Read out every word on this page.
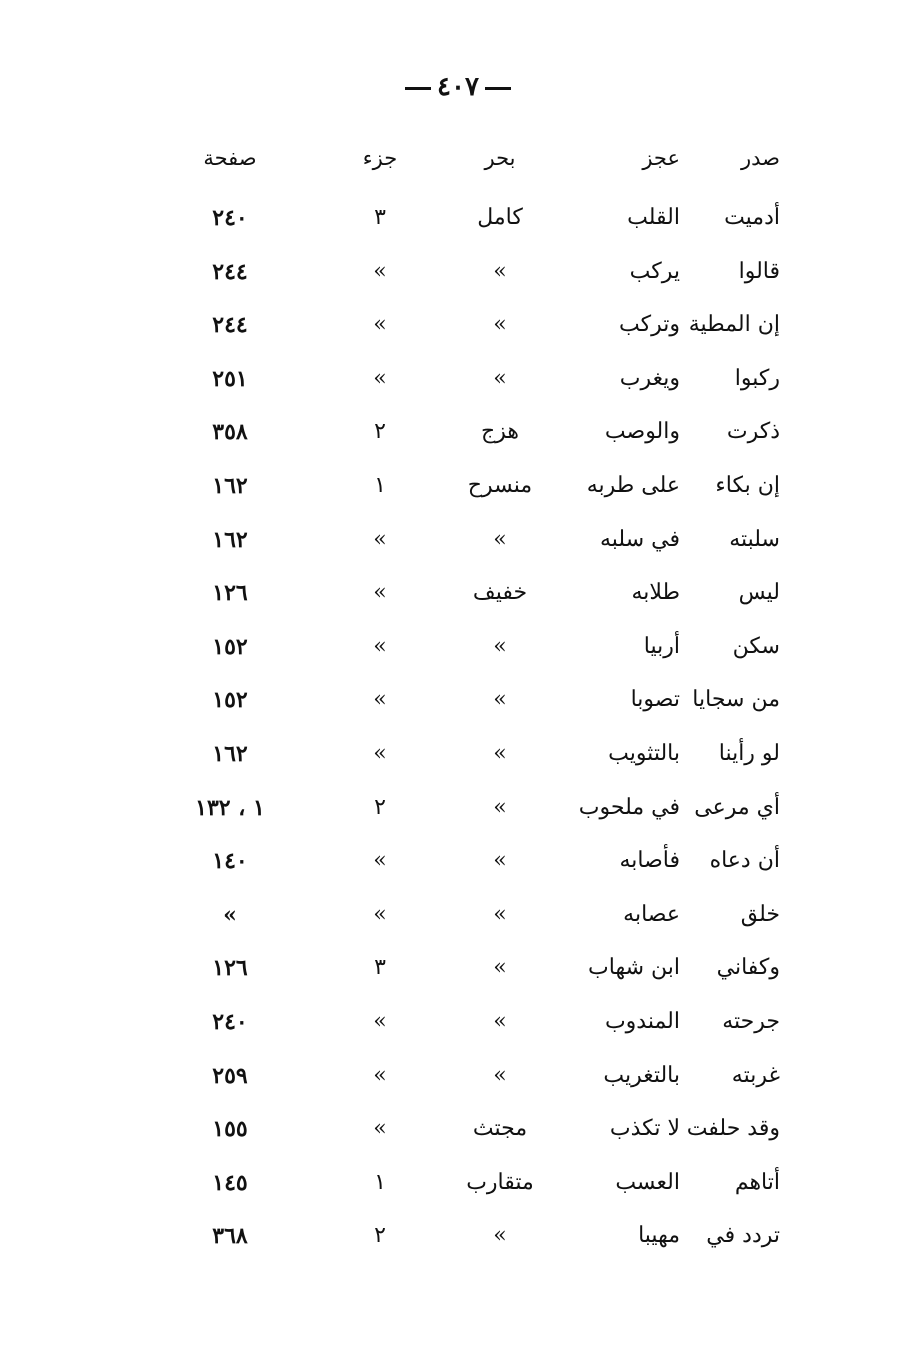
٤٠٧
صدر
عجز
بحر
جزء
صفحة
أدميت
القلب
كامل
٣
٢٤٠
قالوا
يركب
»
»
٢٤٤
إن المطية
وتركب
»
»
٢٤٤
ركبوا
ويغرب
»
»
٢٥١
ذكرت
والوصب
هزج
٢
٣٥٨
إن بكاء
على طربه
منسرح
١
١٦٢
سلبته
في سلبه
»
»
١٦٢
ليس
طلابه
خفيف
»
١٢٦
سكن
أربيا
»
»
١٥٢
من سجايا
تصوبا
»
»
١٥٢
لو رأينا
بالتثويب
»
»
١٦٢
أي مرعى
في ملحوب
»
٢
١ ، ١٣٢
أن دعاه
فأصابه
»
»
١٤٠
خلق
عصابه
»
»
»
وكفاني
ابن شهاب
»
٣
١٢٦
جرحته
المندوب
»
»
٢٤٠
غربته
بالتغريب
»
»
٢٥٩
وقد حلفت
لا تكذب
مجتث
»
١٥٥
أتاهم
العسب
متقارب
١
١٤٥
تردد في
مهيبا
»
٢
٣٦٨
